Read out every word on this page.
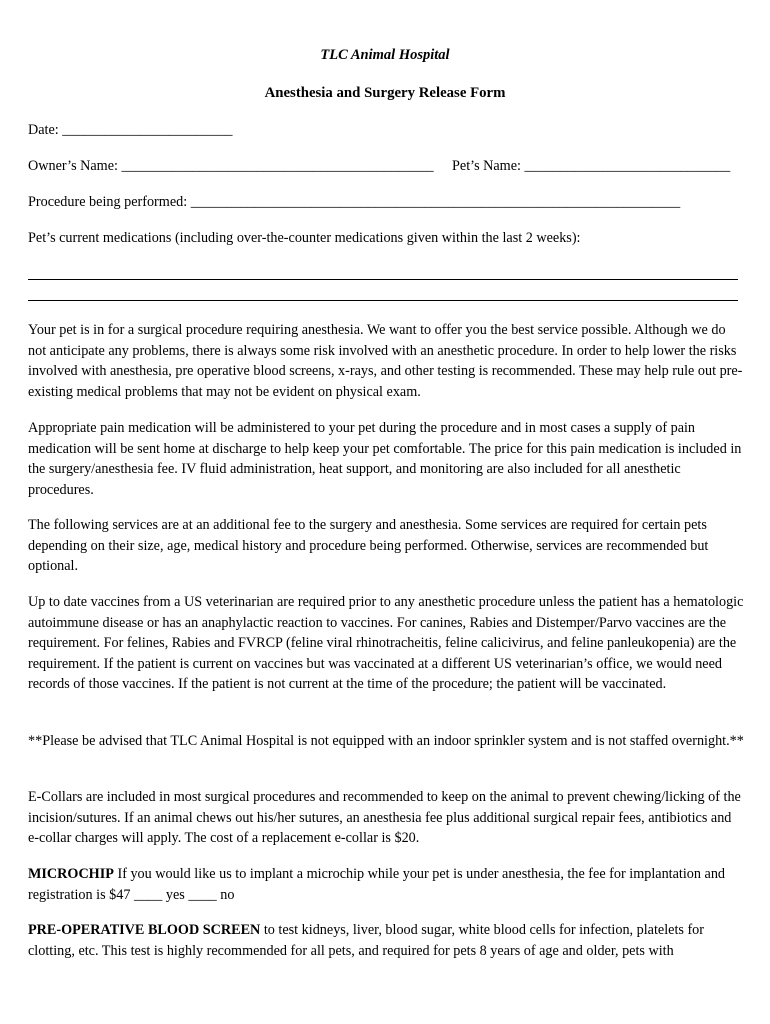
TLC Animal Hospital
Anesthesia and Surgery Release Form
Date: ________________________
Owner’s Name: ____________________________________________ Pet’s Name: _____________________________
Procedure being performed: _____________________________________________________________________
Pet’s current medications (including over-the-counter medications given within the last 2 weeks):

Your pet is in for a surgical procedure requiring anesthesia. We want to offer you the best service possible. Although we do not anticipate any problems, there is always some risk involved with an anesthetic procedure. In order to help lower the risks involved with anesthesia, pre operative blood screens, x-rays, and other testing is recommended. These may help rule out pre-existing medical problems that may not be evident on physical exam.

Appropriate pain medication will be administered to your pet during the procedure and in most cases a supply of pain medication will be sent home at discharge to help keep your pet comfortable. The price for this pain medication is included in the surgery/anesthesia fee. IV fluid administration, heat support, and monitoring are also included for all anesthetic procedures.

The following services are at an additional fee to the surgery and anesthesia. Some services are required for certain pets depending on their size, age, medical history and procedure being performed. Otherwise, services are recommended but optional.

Up to date vaccines from a US veterinarian are required prior to any anesthetic procedure unless the patient has a hematologic autoimmune disease or has an anaphylactic reaction to vaccines. For canines, Rabies and Distemper/Parvo vaccines are the requirement. For felines, Rabies and FVRCP (feline viral rhinotracheitis, feline calicivirus, and feline panleukopenia) are the requirement. If the patient is current on vaccines but was vaccinated at a different US veterinarian’s office, we would need records of those vaccines. If the patient is not current at the time of the procedure; the patient will be vaccinated.

**Please be advised that TLC Animal Hospital is not equipped with an indoor sprinkler system and is not staffed overnight.**

E-Collars are included in most surgical procedures and recommended to keep on the animal to prevent chewing/licking of the incision/sutures. If an animal chews out his/her sutures, an anesthesia fee plus additional surgical repair fees, antibiotics and e-collar charges will apply. The cost of a replacement e-collar is $20.

MICROCHIP If you would like us to implant a microchip while your pet is under anesthesia, the fee for implantation and registration is $47 ____ yes ____ no

PRE-OPERATIVE BLOOD SCREEN to test kidneys, liver, blood sugar, white blood cells for infection, platelets for clotting, etc. This test is highly recommended for all pets, and required for pets 8 years of age and older, pets with
